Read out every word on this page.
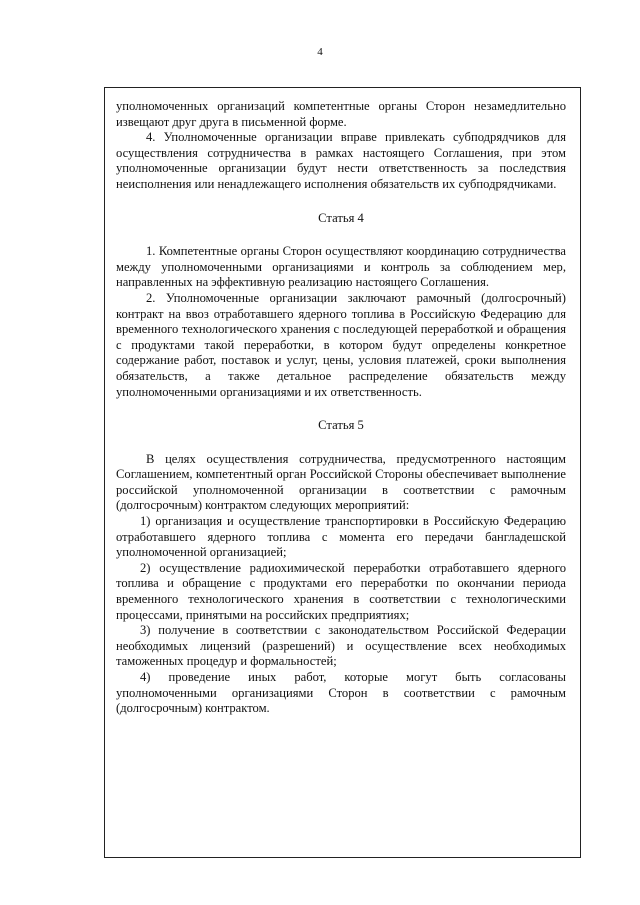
4

уполномоченных организаций компетентные органы Сторон незамедлительно извещают друг друга в письменной форме.

4. Уполномоченные организации вправе привлекать субподрядчиков для осуществления сотрудничества в рамках настоящего Соглашения, при этом уполномоченные организации будут нести ответственность за последствия неисполнения или ненадлежащего исполнения обязательств их субподрядчиками.

Статья 4

1. Компетентные органы Сторон осуществляют координацию сотрудничества между уполномоченными организациями и контроль за соблюдением мер, направленных на эффективную реализацию настоящего Соглашения.

2. Уполномоченные организации заключают рамочный (долгосрочный) контракт на ввоз отработавшего ядерного топлива в Российскую Федерацию для временного технологического хранения с последующей переработкой и обращения с продуктами такой переработки, в котором будут определены конкретное содержание работ, поставок и услуг, цены, условия платежей, сроки выполнения обязательств, а также детальное распределение обязательств между уполномоченными организациями и их ответственность.

Статья 5

В целях осуществления сотрудничества, предусмотренного настоящим Соглашением, компетентный орган Российской Стороны обеспечивает выполнение российской уполномоченной организации в соответствии с рамочным (долгосрочным) контрактом следующих мероприятий:

1) организация и осуществление транспортировки в Российскую Федерацию отработавшего ядерного топлива с момента его передачи бангладешской уполномоченной организацией;

2) осуществление радиохимической переработки отработавшего ядерного топлива и обращение с продуктами его переработки по окончании периода временного технологического хранения в соответствии с технологическими процессами, принятыми на российских предприятиях;

3) получение в соответствии с законодательством Российской Федерации необходимых лицензий (разрешений) и осуществление всех необходимых таможенных процедур и формальностей;

4) проведение иных работ, которые могут быть согласованы уполномоченными организациями Сторон в соответствии с рамочным (долгосрочным) контрактом.
